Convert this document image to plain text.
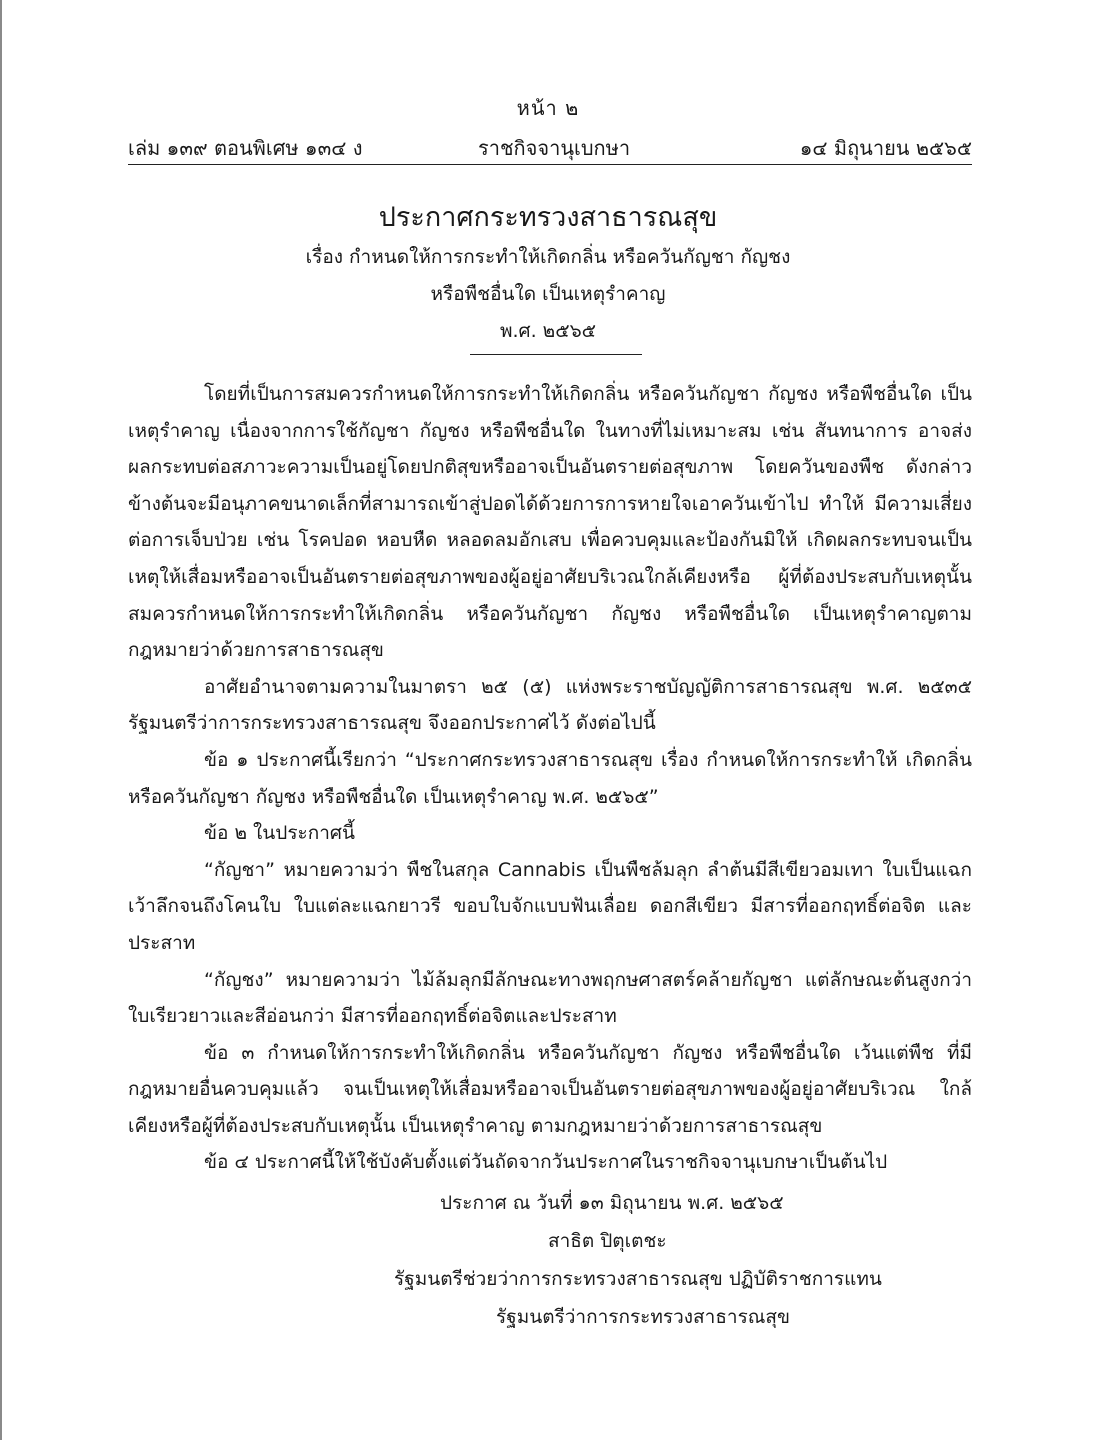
หน้า ๒
เล่ม ๑๓๙ ตอนพิเศษ ๑๓๔ ง	ราชกิจจานุเบกษา	๑๔ มิถุนายน ๒๕๖๕
ประกาศกระทรวงสาธารณสุข
เรื่อง กำหนดให้การกระทำให้เกิดกลิ่น หรือควันกัญชา กัญชง
หรือพืชอื่นใด เป็นเหตุรำคาญ
พ.ศ. ๒๕๖๕

โดยที่เป็นการสมควรกำหนดให้การกระทำให้เกิดกลิ่น หรือควันกัญชา กัญชง หรือพืชอื่นใด เป็นเหตุรำคาญ เนื่องจากการใช้กัญชา กัญชง หรือพืชอื่นใด ในทางที่ไม่เหมาะสม เช่น สันทนาการ อาจส่งผลกระทบต่อสภาวะความเป็นอยู่โดยปกติสุขหรืออาจเป็นอันตรายต่อสุขภาพ โดยควันของพืช ดังกล่าวข้างต้นจะมีอนุภาคขนาดเล็กที่สามารถเข้าสู่ปอดได้ด้วยการการหายใจเอาควันเข้าไป ทำให้ มีความเสี่ยงต่อการเจ็บป่วย เช่น โรคปอด หอบหืด หลอดลมอักเสบ เพื่อควบคุมและป้องกันมิให้ เกิดผลกระทบจนเป็นเหตุให้เสื่อมหรืออาจเป็นอันตรายต่อสุขภาพของผู้อยู่อาศัยบริเวณใกล้เคียงหรือ ผู้ที่ต้องประสบกับเหตุนั้น สมควรกำหนดให้การกระทำให้เกิดกลิ่น หรือควันกัญชา กัญชง หรือพืชอื่นใด เป็นเหตุรำคาญตามกฎหมายว่าด้วยการสาธารณสุข

อาศัยอำนาจตามความในมาตรา ๒๕ (๕) แห่งพระราชบัญญัติการสาธารณสุข พ.ศ. ๒๕๓๕ รัฐมนตรีว่าการกระทรวงสาธารณสุข จึงออกประกาศไว้ ดังต่อไปนี้

ข้อ ๑ ประกาศนี้เรียกว่า “ประกาศกระทรวงสาธารณสุข เรื่อง กำหนดให้การกระทำให้ เกิดกลิ่น หรือควันกัญชา กัญชง หรือพืชอื่นใด เป็นเหตุรำคาญ พ.ศ. ๒๕๖๕”

ข้อ ๒ ในประกาศนี้

“กัญชา” หมายความว่า พืชในสกุล Cannabis เป็นพืชล้มลุก ลำต้นมีสีเขียวอมเทา ใบเป็นแฉก เว้าลึกจนถึงโคนใบ ใบแต่ละแฉกยาวรี ขอบใบจักแบบฟันเลื่อย ดอกสีเขียว มีสารที่ออกฤทธิ์ต่อจิต และประสาท

“กัญชง” หมายความว่า ไม้ล้มลุกมีลักษณะทางพฤกษศาสตร์คล้ายกัญชา แต่ลักษณะต้นสูงกว่า ใบเรียวยาวและสีอ่อนกว่า มีสารที่ออกฤทธิ์ต่อจิตและประสาท

ข้อ ๓ กำหนดให้การกระทำให้เกิดกลิ่น หรือควันกัญชา กัญชง หรือพืชอื่นใด เว้นแต่พืช ที่มีกฎหมายอื่นควบคุมแล้ว จนเป็นเหตุให้เสื่อมหรืออาจเป็นอันตรายต่อสุขภาพของผู้อยู่อาศัยบริเวณ ใกล้เคียงหรือผู้ที่ต้องประสบกับเหตุนั้น เป็นเหตุรำคาญ ตามกฎหมายว่าด้วยการสาธารณสุข

ข้อ ๔ ประกาศนี้ให้ใช้บังคับตั้งแต่วันถัดจากวันประกาศในราชกิจจานุเบกษาเป็นต้นไป

ประกาศ ณ วันที่ ๑๓ มิถุนายน พ.ศ. ๒๕๖๕
สาธิต ปิตุเตชะ
รัฐมนตรีช่วยว่าการกระทรวงสาธารณสุข ปฏิบัติราชการแทน
รัฐมนตรีว่าการกระทรวงสาธารณสุข
